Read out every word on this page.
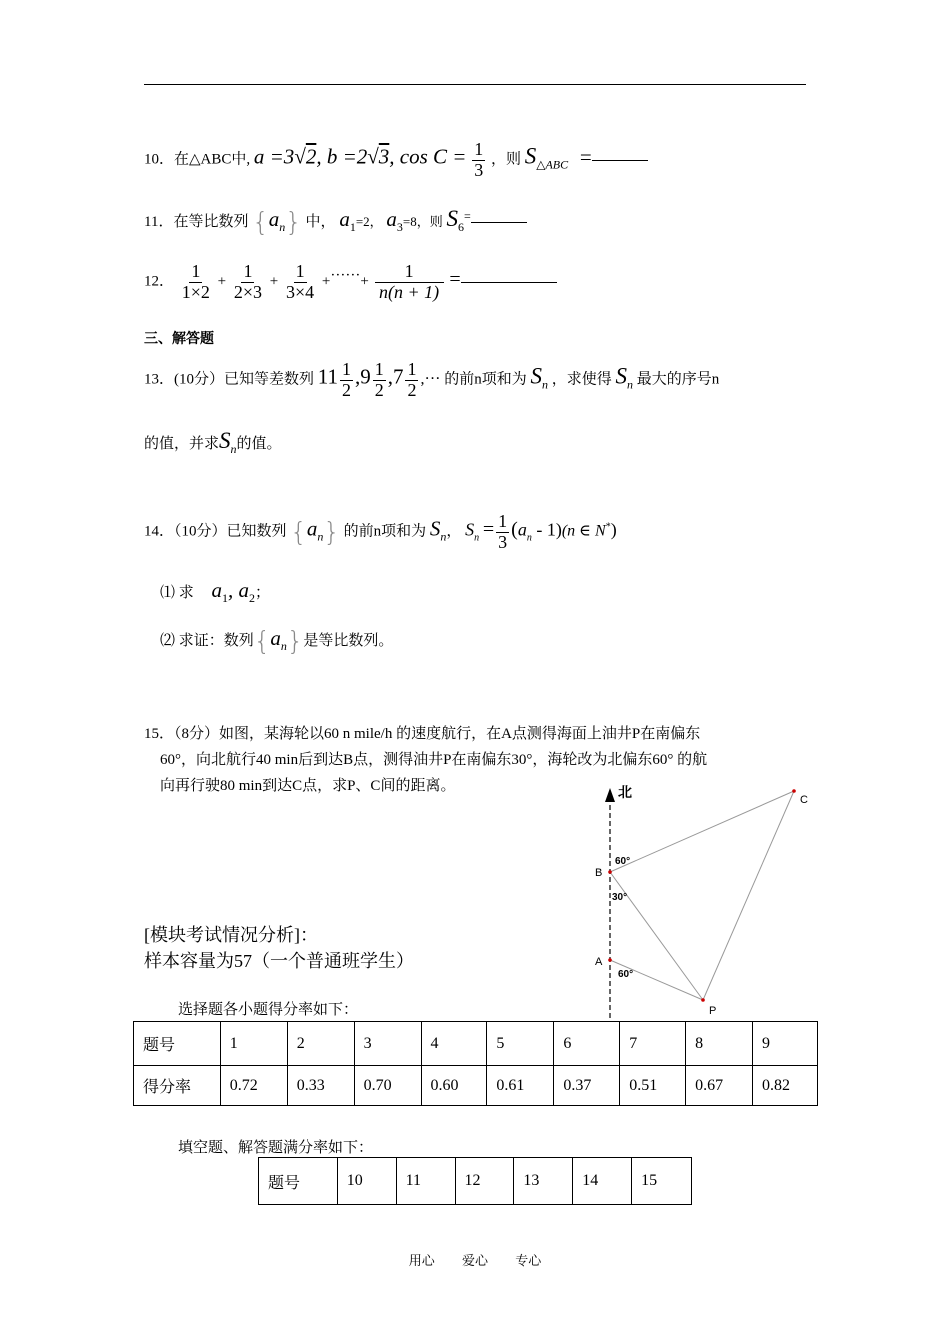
10．在△ABC中, a =3√2, b =2√3, $\cos C = \frac{1}{3}$ ，则 $S_{\triangle ABC}$ =
11．在等比数列 $\{a_n\}$ 中， $a_1=2$， $a_3=8$，则 $S_6^=$
12． $\frac{1}{1\times 2} + \frac{1}{2\times 3} + \frac{1}{3\times 4}$ +······+ $\frac{1}{n(n + 1)}$ =
三、解答题
13．(10分）已知等差数列 $11 \frac{1}{2} ,9 \frac{1}{2} ,7 \frac{1}{2}$ ,··· 的前n项和为 $S_n$ ，求使得 $S_n$ 最大的序号n
的值，并求$S_n$的值。
14．（10分）已知数列 $\{a_n\}$ 的前n项和为 $S_n$， $S_n = \frac{1}{3} (a_n - 1)(n$ ∈ N*)
⑴ 求 $a_1$, $a_2$；
⑵ 求证：数列$\{a_n\}$是等比数列。
15．（8分）如图，某海轮以60 n mile/h 的速度航行，在A点测得海面上油井P在南偏东
60°，向北航行40 min后到达B点，测得油井P在南偏东30°，海轮改为北偏东60° 的航
向再行驶80 min到达C点，求P、C间的距离。	北	C
B
A
P
60°
30°
60°
[模块考试情况分析]：
样本容量为57（一个普通班学生）
选择题各小题得分率如下：
题号	1	2	3	4	5	6	7	8	9
得分率	0.72	0.33	0.70	0.60	0.61	0.37	0.51	0.67	0.82
填空题、解答题满分率如下：
题号	10	11	12	13	14	15
用心 爱心 专心
